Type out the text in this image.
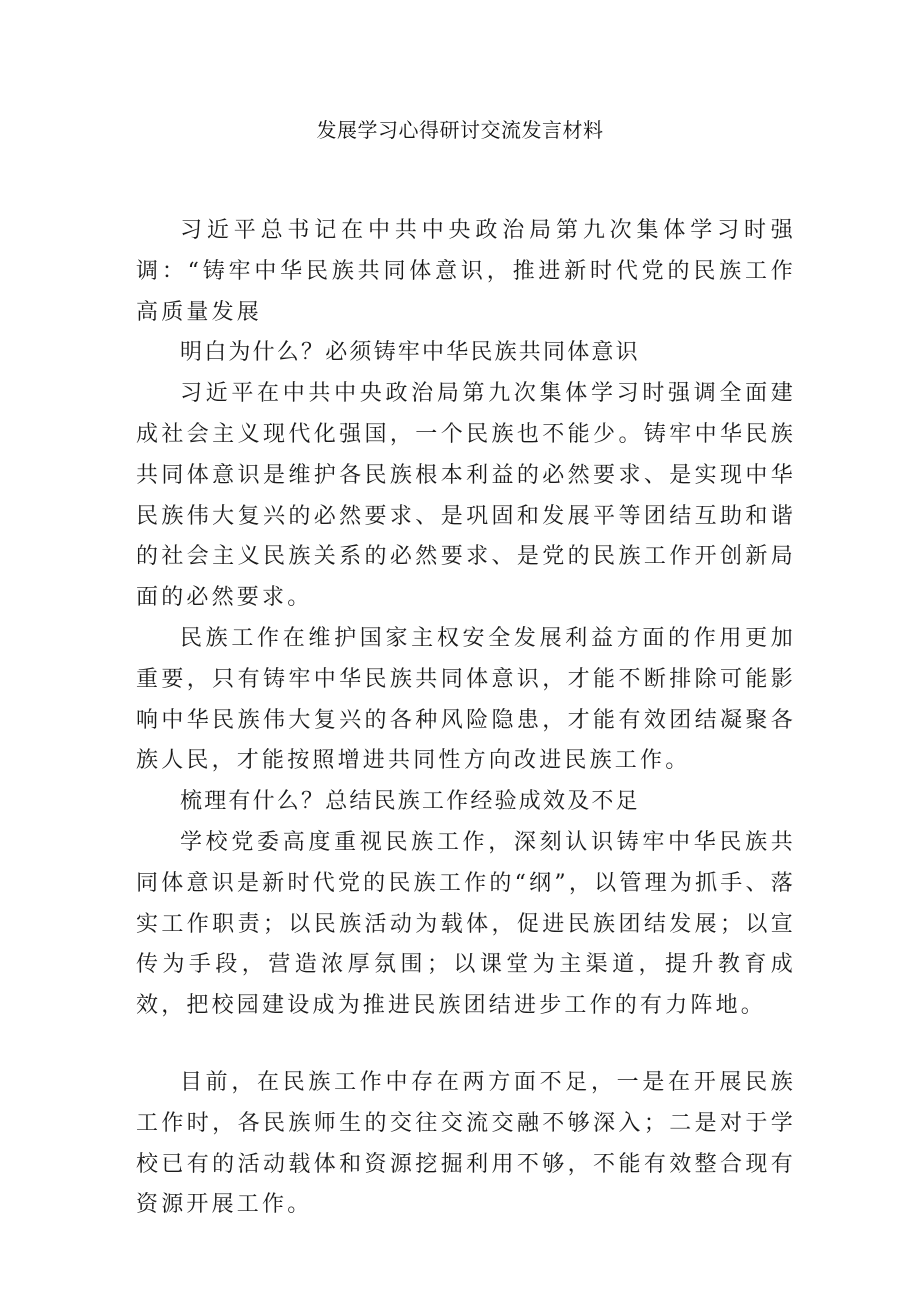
发展学习心得研讨交流发言材料

习近平总书记在中共中央政治局第九次集体学习时强调：“铸牢中华民族共同体意识，推进新时代党的民族工作高质量发展

明白为什么？必须铸牢中华民族共同体意识

习近平在中共中央政治局第九次集体学习时强调全面建成社会主义现代化强国，一个民族也不能少。铸牢中华民族共同体意识是维护各民族根本利益的必然要求、是实现中华民族伟大复兴的必然要求、是巩固和发展平等团结互助和谐的社会主义民族关系的必然要求、是党的民族工作开创新局面的必然要求。

民族工作在维护国家主权安全发展利益方面的作用更加重要，只有铸牢中华民族共同体意识，才能不断排除可能影响中华民族伟大复兴的各种风险隐患，才能有效团结凝聚各族人民，才能按照增进共同性方向改进民族工作。

梳理有什么？总结民族工作经验成效及不足

学校党委高度重视民族工作，深刻认识铸牢中华民族共同体意识是新时代党的民族工作的“纲”，以管理为抓手、落实工作职责；以民族活动为载体，促进民族团结发展；以宣传为手段，营造浓厚氛围；以课堂为主渠道，提升教育成效，把校园建设成为推进民族团结进步工作的有力阵地。

目前，在民族工作中存在两方面不足，一是在开展民族工作时，各民族师生的交往交流交融不够深入；二是对于学校已有的活动载体和资源挖掘利用不够，不能有效整合现有资源开展工作。
